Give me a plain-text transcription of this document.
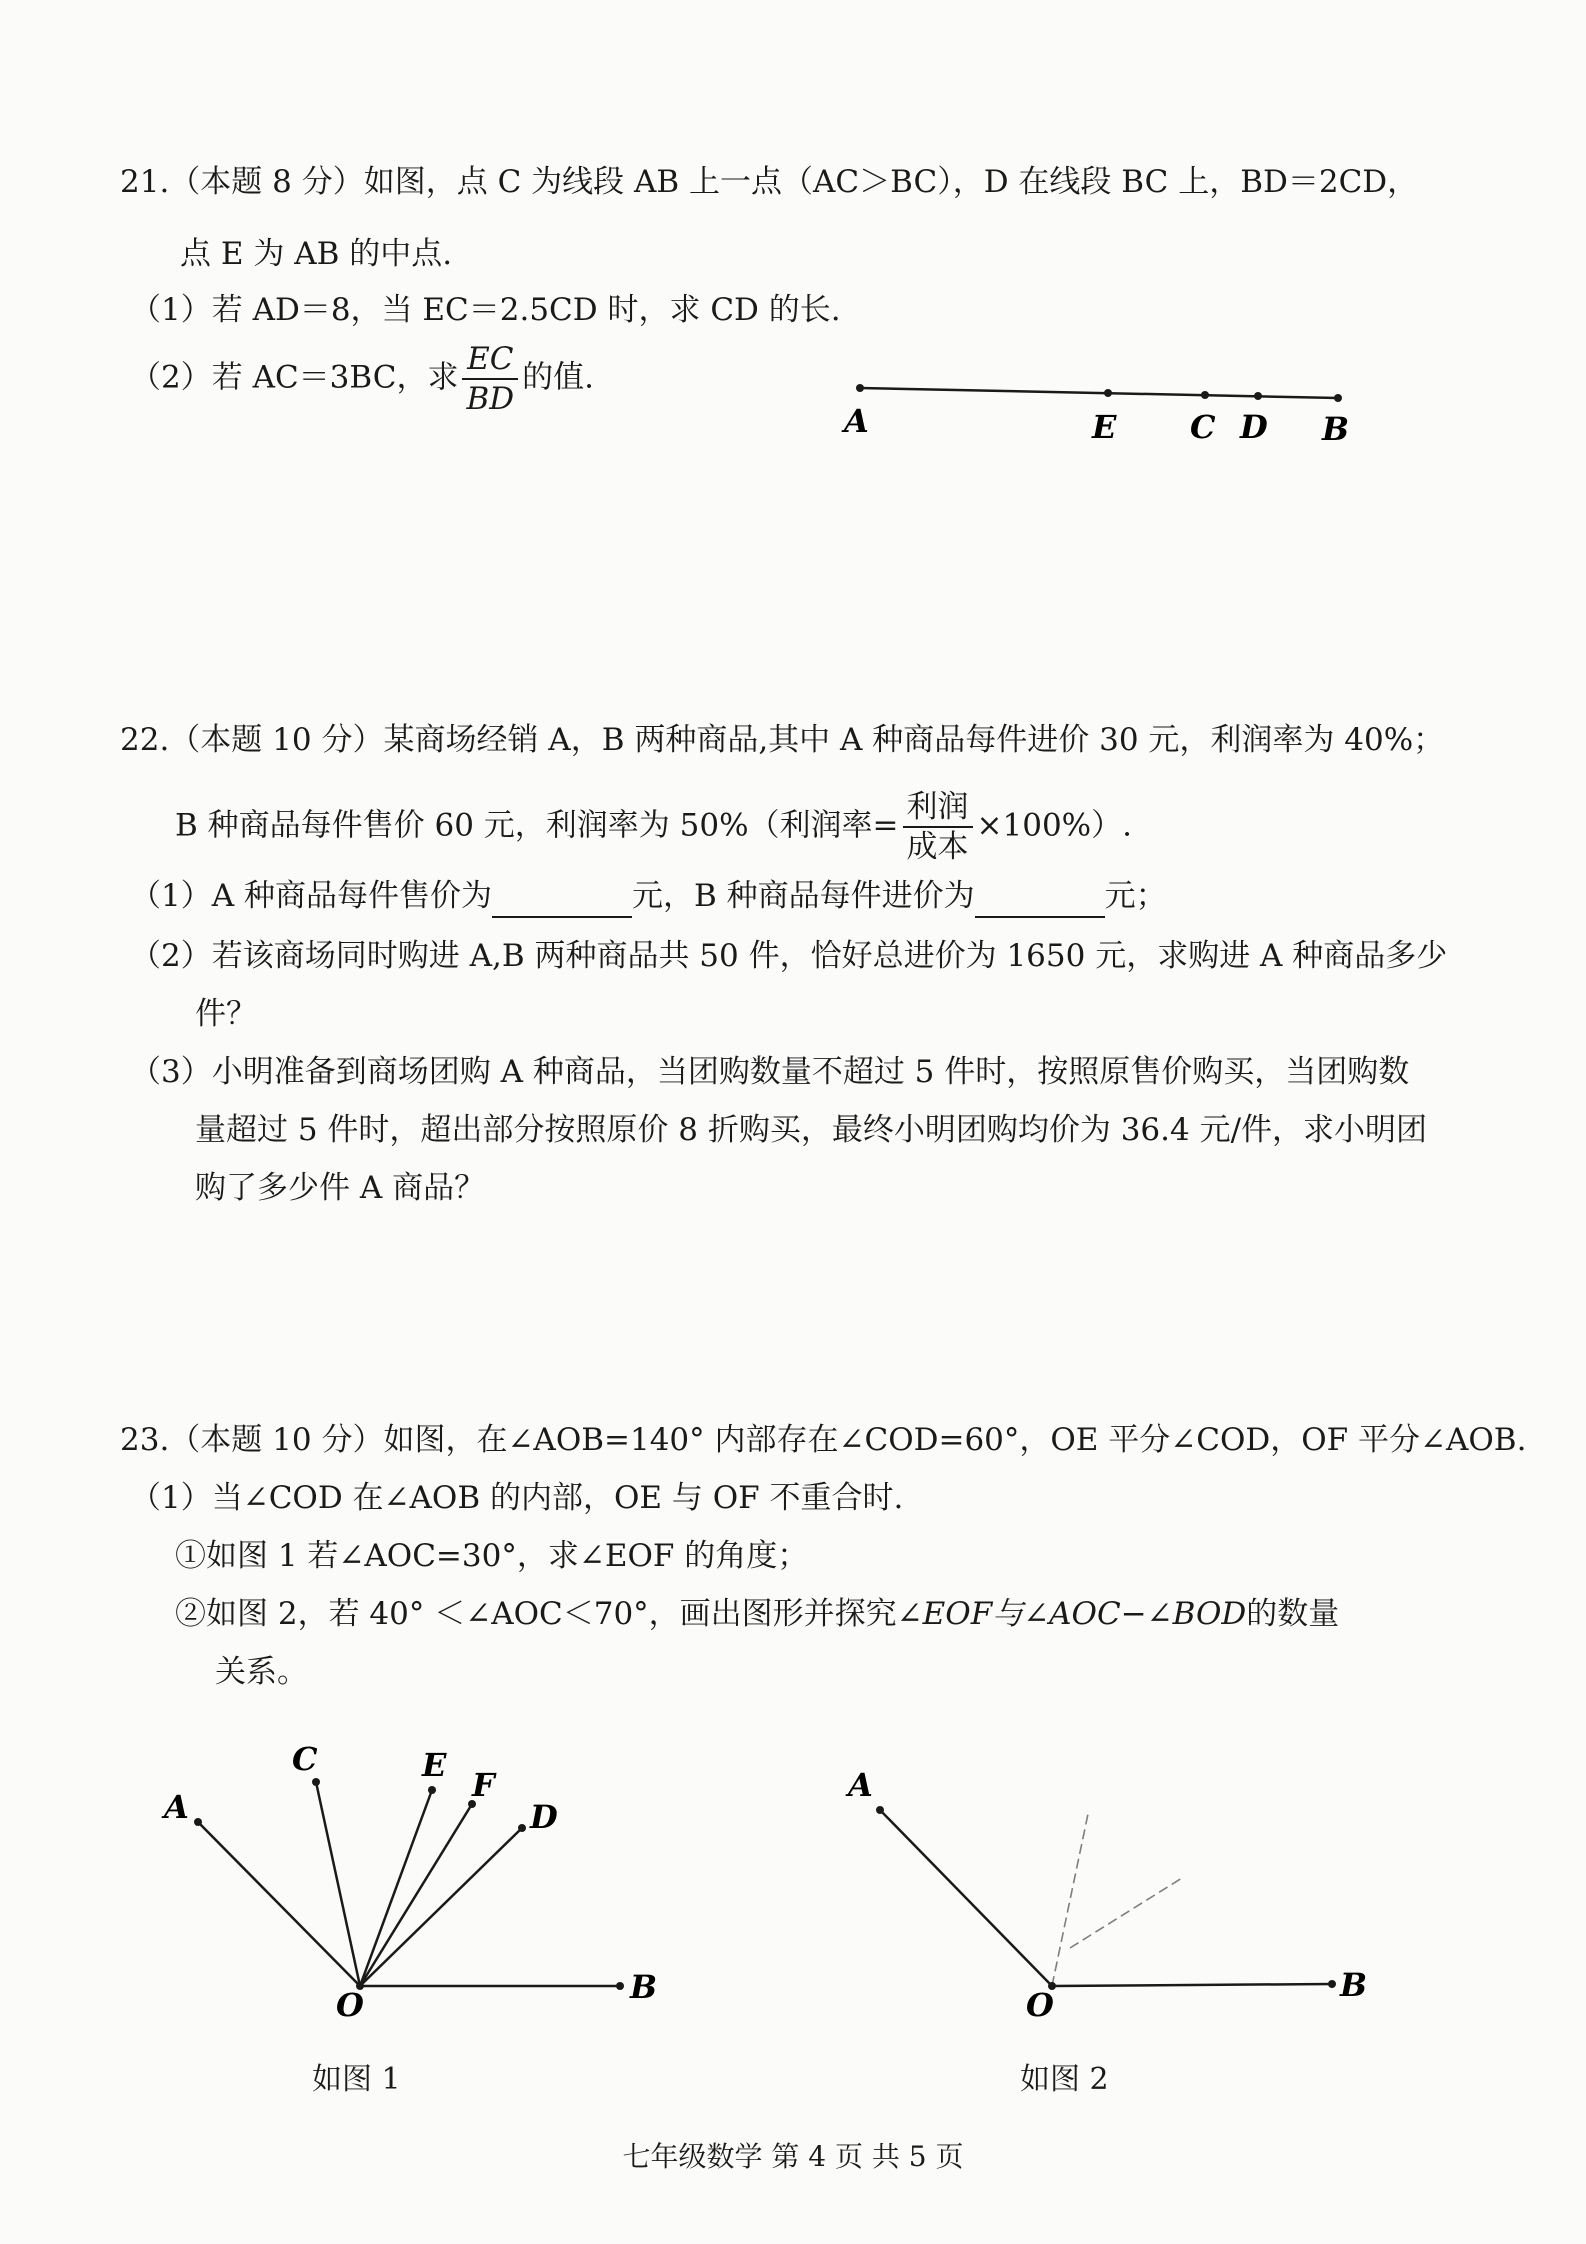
21.（本题 8 分）如图，点 C 为线段 AB 上一点（AC＞BC），D 在线段 BC 上，BD＝2CD，
点 E 为 AB 的中点.
（1）若 AD＝8，当 EC＝2.5CD 时，求 CD 的长.
（2）若 AC＝3BC，求 $\frac{EC}{BD}$ 的值.
A	E C D B
22.（本题 10 分）某商场经销 A，B 两种商品,其中 A 种商品每件进价 30 元，利润率为 40%；
B 种商品每件售价 60 元，利润率为 50%（利润率= $\frac{\text{利润}}{\text{成本}} \times 100\%$）.
（1）A 种商品每件售价为	元，B 种商品每件进价为	元；
（2）若该商场同时购进 A,B 两种商品共 50 件，恰好总进价为 1650 元，求购进 A 种商品多少
件？
（3）小明准备到商场团购 A 种商品，当团购数量不超过 5 件时，按照原售价购买，当团购数
量超过 5 件时，超出部分按照原价 8 折购买，最终小明团购均价为 36.4 元/件，求小明团
购了多少件 A 商品？
23.（本题 10 分）如图，在∠AOB=140° 内部存在∠COD=60°，OE 平分∠COD，OF 平分∠AOB.
（1）当∠COD 在∠AOB 的内部，OE 与 OF 不重合时.
①如图 1 若∠AOC=30°，求∠EOF 的角度；
②如图 2，若 40° ＜∠AOC＜70°，画出图形并探究∠EOF与∠AOC−∠BOD的数量
关系。
A
C	E
F
D
O	B
如图 1
A
O
B
如图 2
七年级数学 第 4 页 共 5 页
